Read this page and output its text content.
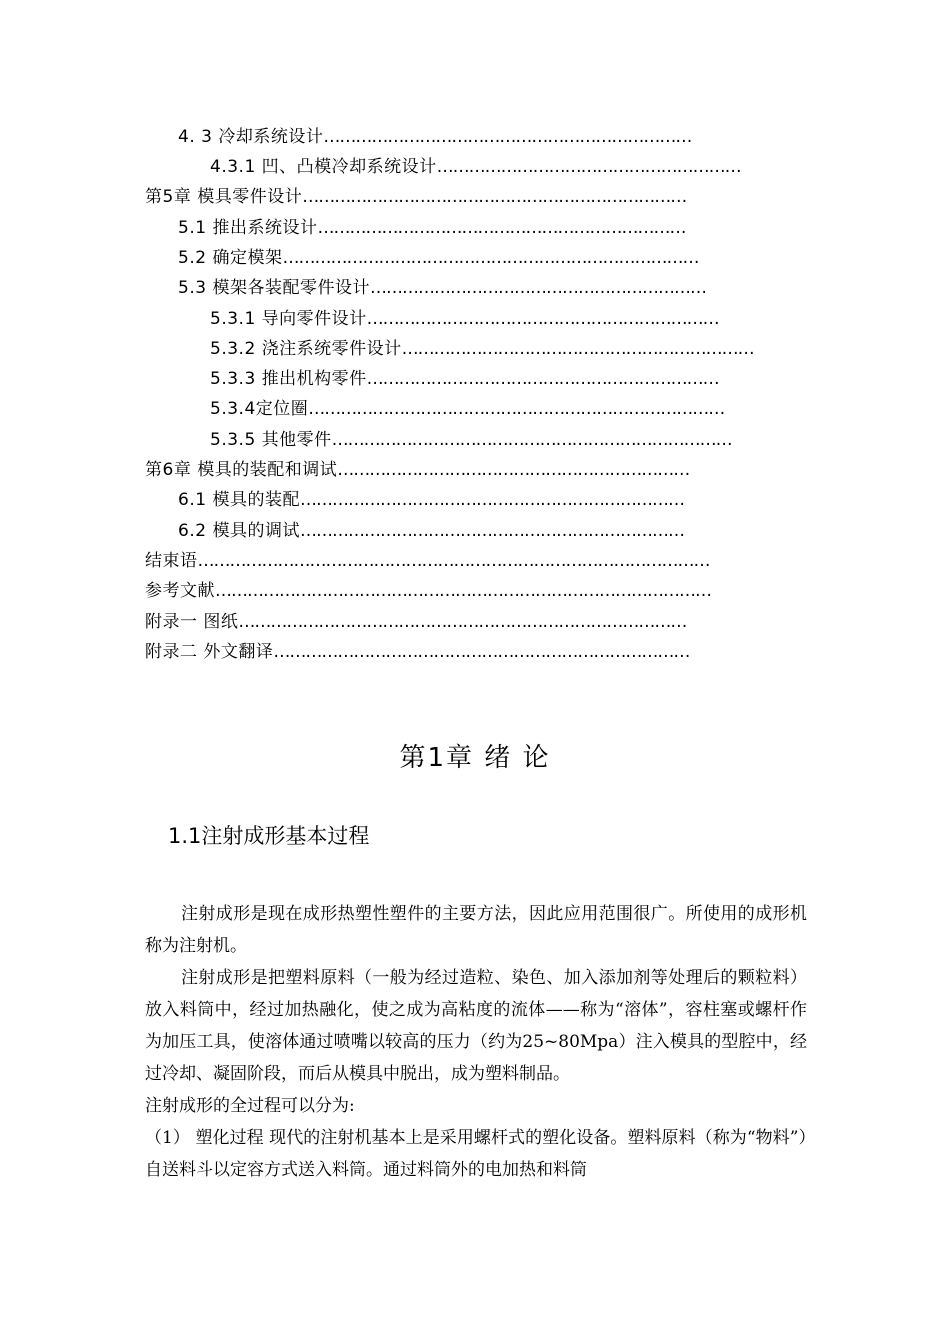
4. 3 冷却系统设计……………………………………………………………
4.3.1 凹、凸模冷却系统设计…………………………………………………
第5章 模具零件设计………………………………………………………………
5.1 推出系统设计……………………………………………………………
5.2 确定模架……………………………………………………………………
5.3 模架各装配零件设计………………………………………………………
5.3.1 导向零件设计…………………………………………………………
5.3.2 浇注系统零件设计…………………………………………………………
5.3.3 推出机构零件…………………………………………………………
5.3.4定位圈……………………………………………………………………
5.3.5 其他零件…………………………………………………………………
第6章 模具的装配和调试…………………………………………………………
6.1 模具的装配………………………………………………………………
6.2 模具的调试………………………………………………………………
结束语……………………………………………………………………………………
参考文献…………………………………………………………………………………
附录一 图纸…………………………………………………………………………
附录二 外文翻译……………………………………………………………………
第1章 绪 论
1.1注射成形基本过程

注射成形是现在成形热塑性塑件的主要方法，因此应用范围很广。所使用的成形机称为注射机。

注射成形是把塑料原料（一般为经过造粒、染色、加入添加剂等处理后的颗粒料）放入料筒中，经过加热融化，使之成为高粘度的流体——称为“溶体”，容柱塞或螺杆作为加压工具，使溶体通过喷嘴以较高的压力（约为25~80Mpa）注入模具的型腔中，经过冷却、凝固阶段，而后从模具中脱出，成为塑料制品。

注射成形的全过程可以分为:

（1） 塑化过程 现代的注射机基本上是采用螺杆式的塑化设备。塑料原料（称为“物料”）自送料斗以定容方式送入料筒。通过料筒外的电加热和料筒
